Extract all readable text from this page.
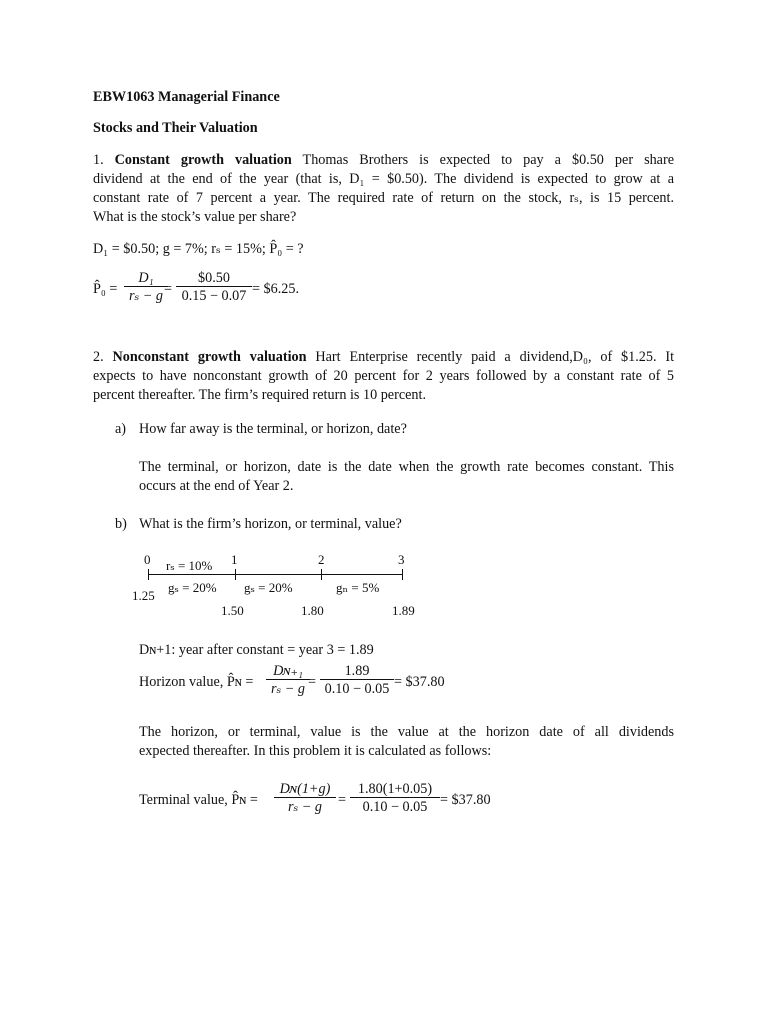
EBW1063 Managerial Finance
Stocks and Their Valuation
1. Constant growth valuation Thomas Brothers is expected to pay a $0.50 per share
dividend at the end of the year (that is, D₁ = $0.50). The dividend is expected to grow at a
constant rate of 7 percent a year. The required rate of return on the stock, rₛ, is 15 percent.
What is the stock’s value per share?
D₁ = $0.50; g = 7%; rₛ = 15%; P̂₀ = ?
P̂₀ = $\frac{\text{D₁}}{\text{rₛ − g}}$
= $\frac{\$0.50}{0.15 - 0.07}$ = $6.25.
2. Nonconstant growth valuation Hart Enterprise recently paid a dividend,D₀, of $1.25. It
expects to have nonconstant growth of 20 percent for 2 years followed by a constant rate of 5
percent thereafter. The firm’s required return is 10 percent.
a) How far away is the terminal, or horizon, date?
The terminal, or horizon, date is the date when the growth rate becomes constant. This
occurs at the end of Year 2.
b) What is the firm’s horizon, or terminal, value?
0	1	2	3
rₛ = 10%
gₛ = 20% gₛ = 20%	gₙ = 5%
1.25
1.50	1.80	1.89
Dɴ+1: year after constant = year 3 = 1.89
Horizon value, P̂ɴ = $\frac{\text{Dɴ₊₁}}{\text{rₛ − g}}$
= $\frac{1.89}{0.10 - 0.05}$ = $37.80
The horizon, or terminal, value is the value at the horizon date of all dividends
expected thereafter. In this problem it is calculated as follows:
Terminal value, P̂ɴ = $\frac{\text{Dɴ(1+g)}}{\text{rₛ − g}} = \frac{1.80(1+0.05)}{0.10 - 0.05}$ = $37.80
